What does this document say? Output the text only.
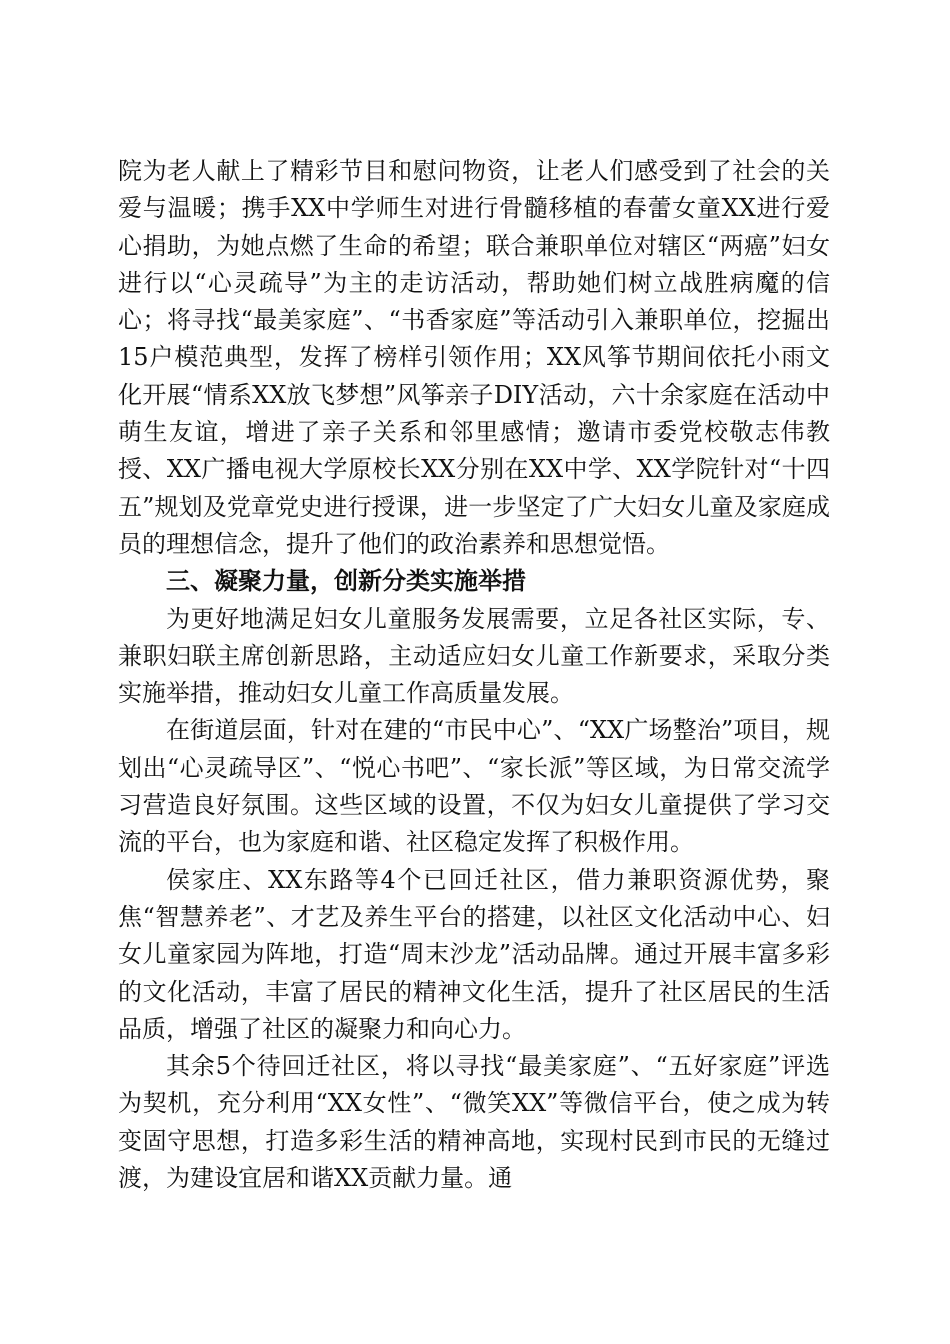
院为老人献上了精彩节目和慰问物资，让老人们感受到了社会的关爱与温暖；携手XX中学师生对进行骨髓移植的春蕾女童XX进行爱心捐助，为她点燃了生命的希望；联合兼职单位对辖区“两癌”妇女进行以“心灵疏导”为主的走访活动，帮助她们树立战胜病魔的信心；将寻找“最美家庭”、“书香家庭”等活动引入兼职单位，挖掘出15户模范典型，发挥了榜样引领作用；XX风筝节期间依托小雨文化开展“情系XX放飞梦想”风筝亲子DIY活动，六十余家庭在活动中萌生友谊，增进了亲子关系和邻里感情；邀请市委党校敬志伟教授、XX广播电视大学原校长XX分别在XX中学、XX学院针对“十四五”规划及党章党史进行授课，进一步坚定了广大妇女儿童及家庭成员的理想信念，提升了他们的政治素养和思想觉悟。

三、凝聚力量，创新分类实施举措

为更好地满足妇女儿童服务发展需要，立足各社区实际，专、兼职妇联主席创新思路，主动适应妇女儿童工作新要求，采取分类实施举措，推动妇女儿童工作高质量发展。

在街道层面，针对在建的“市民中心”、“XX广场整治”项目，规划出“心灵疏导区”、“悦心书吧”、“家长派”等区域，为日常交流学习营造良好氛围。这些区域的设置，不仅为妇女儿童提供了学习交流的平台，也为家庭和谐、社区稳定发挥了积极作用。

侯家庄、XX东路等4个已回迁社区，借力兼职资源优势，聚焦“智慧养老”、才艺及养生平台的搭建，以社区文化活动中心、妇女儿童家园为阵地，打造“周末沙龙”活动品牌。通过开展丰富多彩的文化活动，丰富了居民的精神文化生活，提升了社区居民的生活品质，增强了社区的凝聚力和向心力。

其余5个待回迁社区，将以寻找“最美家庭”、“五好家庭”评选为契机，充分利用“XX女性”、“微笑XX”等微信平台，使之成为转变固守思想，打造多彩生活的精神高地，实现村民到市民的无缝过渡，为建设宜居和谐XX贡献力量。通
